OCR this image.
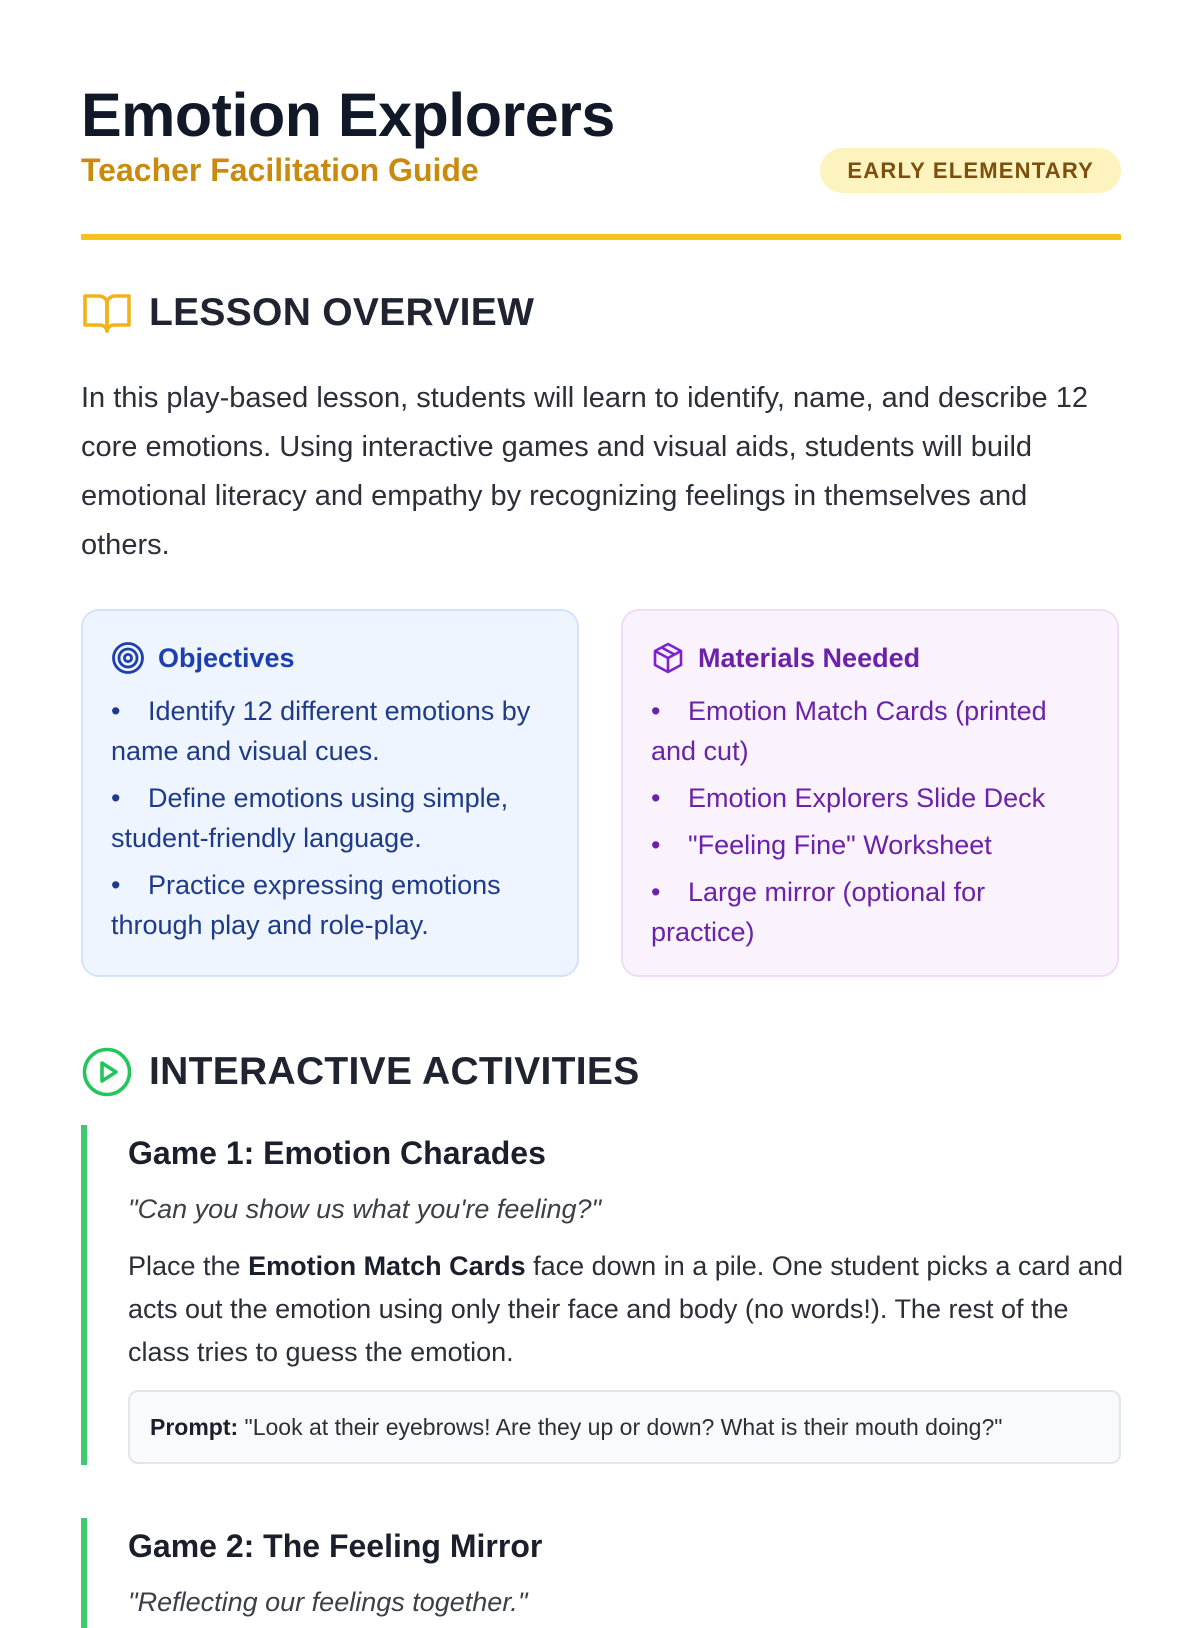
Emotion Explorers
Teacher Facilitation Guide	EARLY ELEMENTARY
LESSON OVERVIEW
In this play-based lesson, students will learn to identify, name, and describe 12 core emotions. Using interactive games and visual aids, students will build emotional literacy and empathy by recognizing feelings in themselves and others.
Objectives
• Identify 12 different emotions by name and visual cues.
• Define emotions using simple, student-friendly language.
• Practice expressing emotions through play and role-play.
Materials Needed
• Emotion Match Cards (printed and cut)
• Emotion Explorers Slide Deck
• "Feeling Fine" Worksheet
• Large mirror (optional for practice)
INTERACTIVE ACTIVITIES
Game 1: Emotion Charades
"Can you show us what you're feeling?"
Place the Emotion Match Cards face down in a pile. One student picks a card and acts out the emotion using only their face and body (no words!). The rest of the class tries to guess the emotion.
Prompt: "Look at their eyebrows! Are they up or down? What is their mouth doing?"
Game 2: The Feeling Mirror
"Reflecting our feelings together."
